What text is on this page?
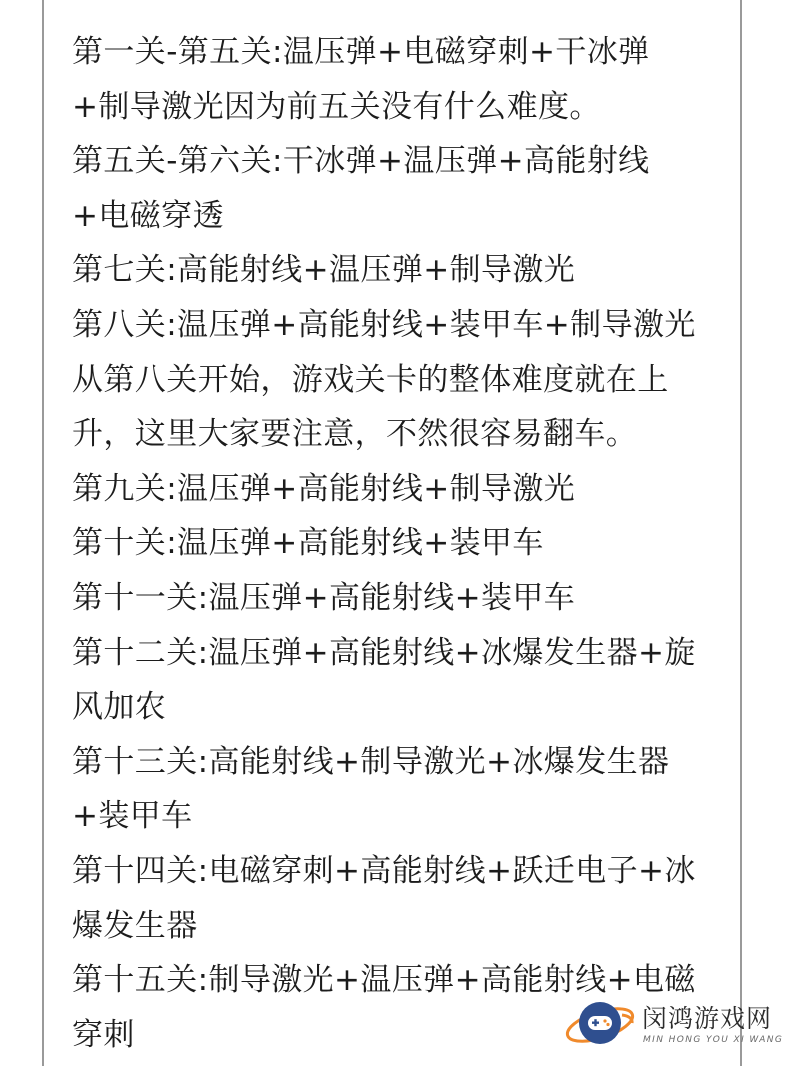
第一关-第五关:温压弹+电磁穿刺+干冰弹
+制导激光因为前五关没有什么难度。
第五关-第六关:干冰弹+温压弹+高能射线
+电磁穿透
第七关:高能射线+温压弹+制导激光
第八关:温压弹+高能射线+装甲车+制导激光
从第八关开始，游戏关卡的整体难度就在上
升，这里大家要注意，不然很容易翻车。
第九关:温压弹+高能射线+制导激光
第十关:温压弹+高能射线+装甲车
第十一关:温压弹+高能射线+装甲车
第十二关:温压弹+高能射线+冰爆发生器+旋
风加农
第十三关:高能射线+制导激光+冰爆发生器
+装甲车
第十四关:电磁穿刺+高能射线+跃迁电子+冰
爆发生器
第十五关:制导激光+温压弹+高能射线+电磁
穿刺	闵鸿游戏网
MIN HONG YOU XI WANG
